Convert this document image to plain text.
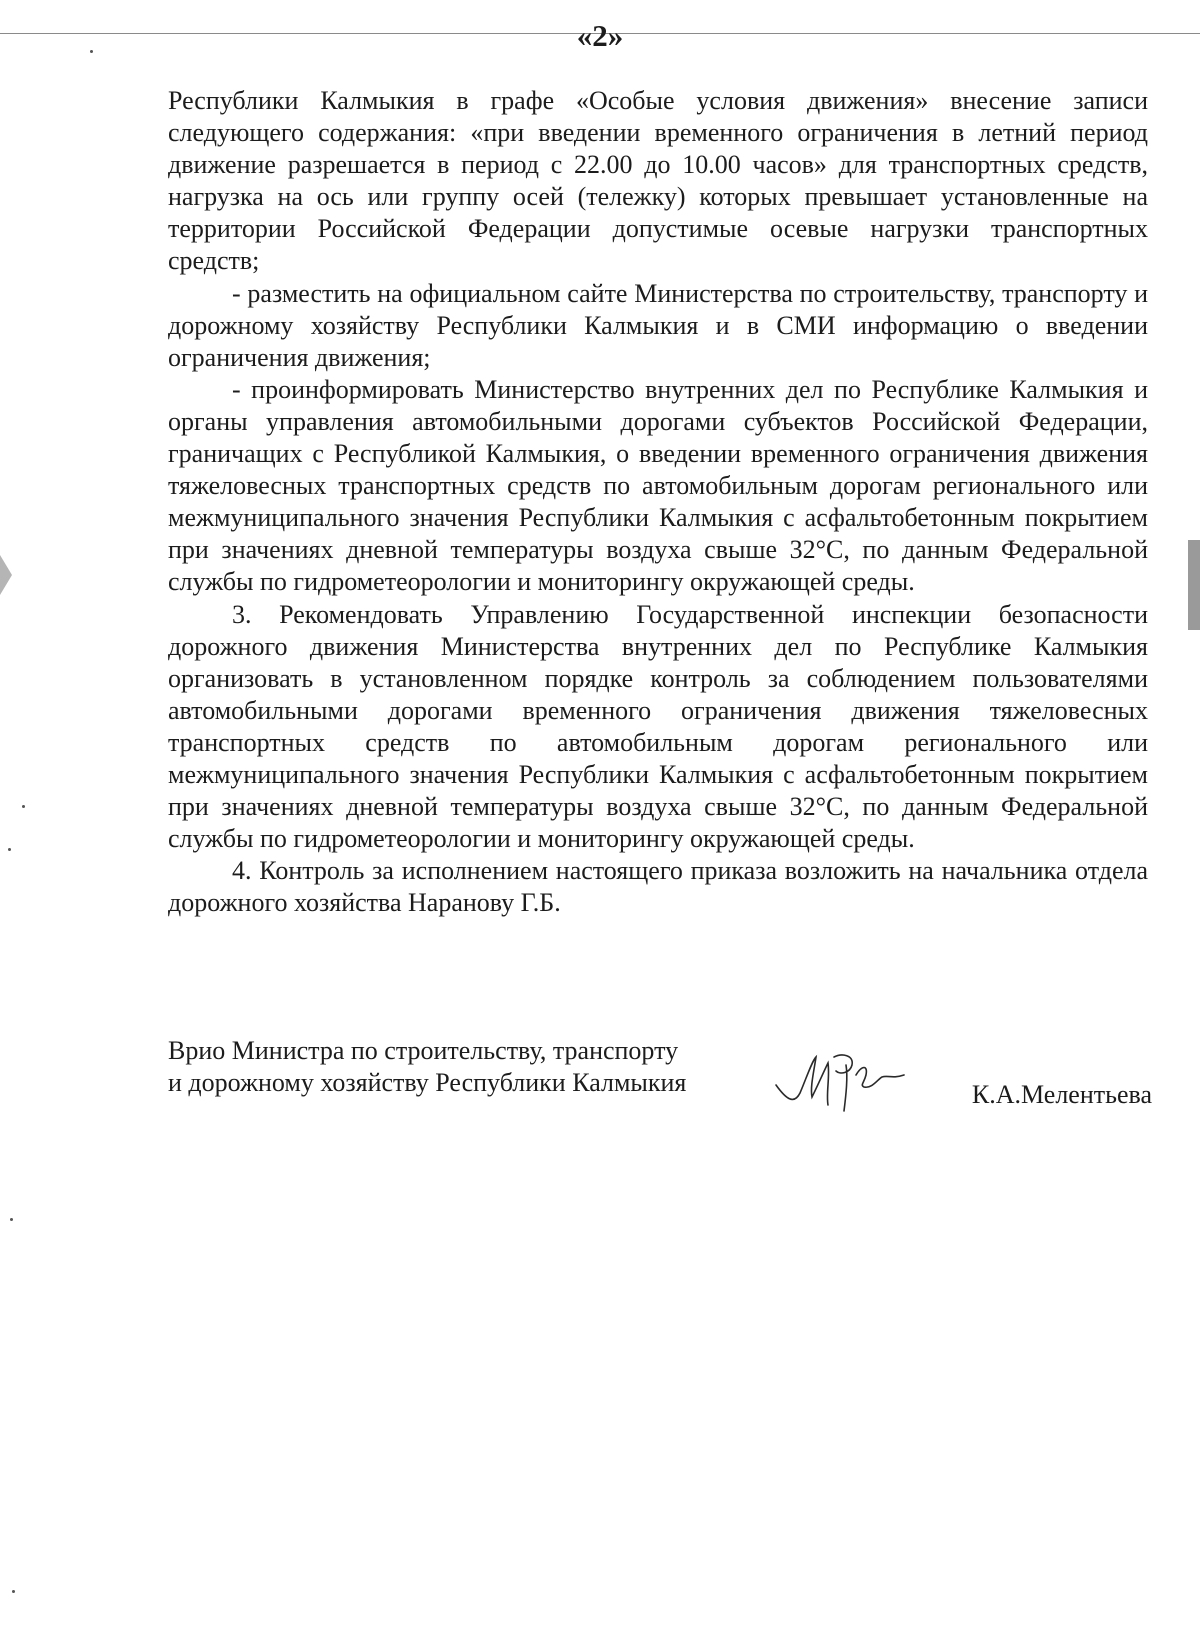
«2»

Республики Калмыкия в графе «Особые условия движения» внесение записи следующего содержания: «при введении временного ограничения в летний период движение разрешается в период с 22.00 до 10.00 часов» для транспортных средств, нагрузка на ось или группу осей (тележку) которых превышает установленные на территории Российской Федерации допустимые осевые нагрузки транспортных средств;

- разместить на официальном сайте Министерства по строительству, транспорту и дорожному хозяйству Республики Калмыкия и в СМИ информацию о введении ограничения движения;

- проинформировать Министерство внутренних дел по Республике Калмыкия и органы управления автомобильными дорогами субъектов Российской Федерации, граничащих с Республикой Калмыкия, о введении временного ограничения движения тяжеловесных транспортных средств по автомобильным дорогам регионального или межмуниципального значения Республики Калмыкия с асфальтобетонным покрытием при значениях дневной температуры воздуха свыше 32°С, по данным Федеральной службы по гидрометеорологии и мониторингу окружающей среды.

3. Рекомендовать Управлению Государственной инспекции безопасности дорожного движения Министерства внутренних дел по Республике Калмыкия организовать в установленном порядке контроль за соблюдением пользователями автомобильными дорогами временного ограничения движения тяжеловесных транспортных средств по автомобильным дорогам регионального или межмуниципального значения Республики Калмыкия с асфальтобетонным покрытием при значениях дневной температуры воздуха свыше 32°С, по данным Федеральной службы по гидрометеорологии и мониторингу окружающей среды.

4. Контроль за исполнением настоящего приказа возложить на начальника отдела дорожного хозяйства Наранову Г.Б.

Врио Министра по строительству, транспорту
и дорожному хозяйству Республики Калмыкия	К.А.Мелентьева
